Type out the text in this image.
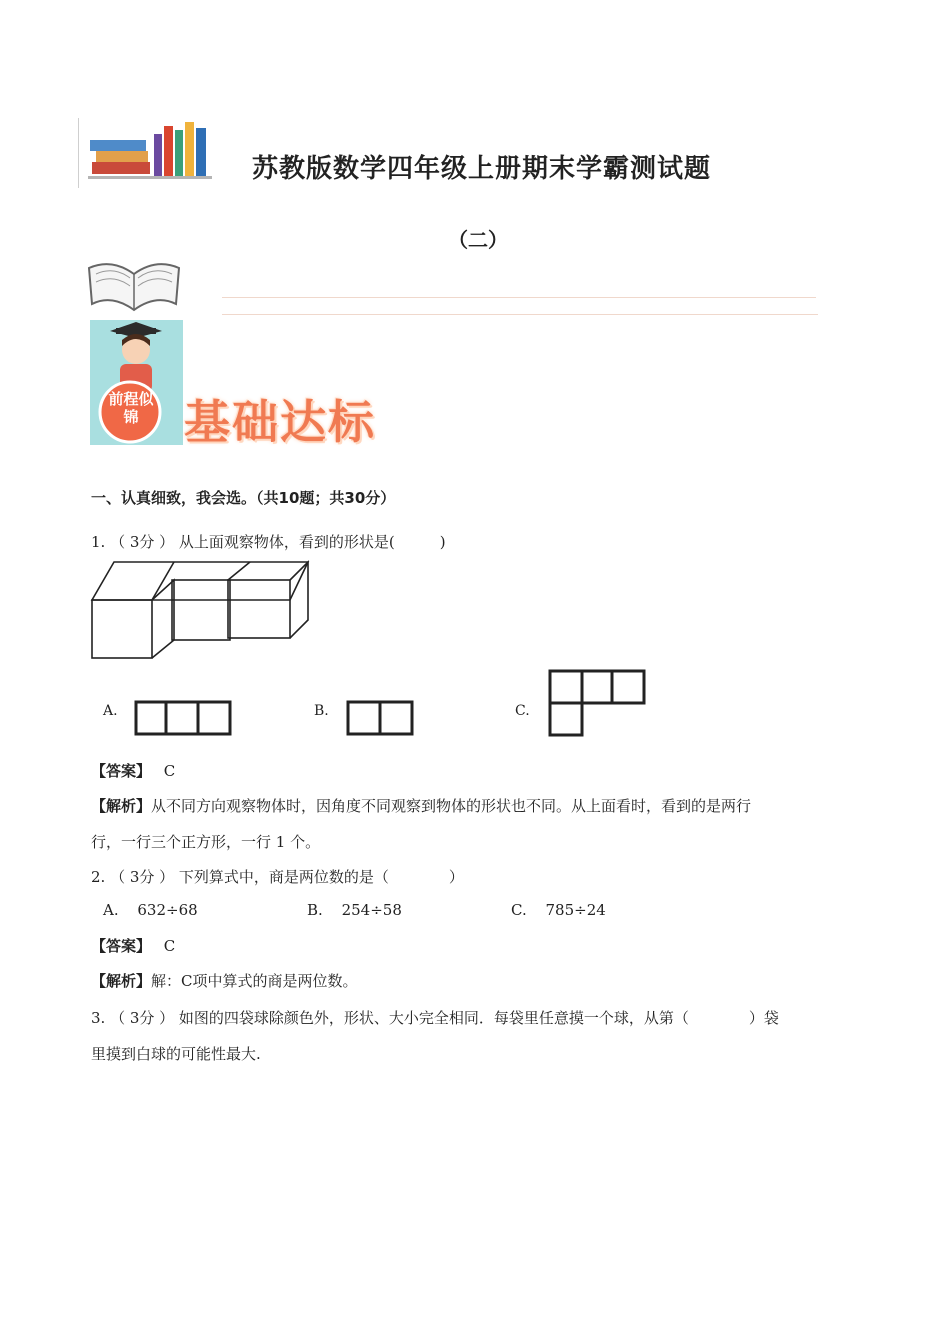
苏教版数学四年级上册期末学霸测试题
（二）
前程似锦 基础达标
一、认真细致，我会选。（共10题；共30分）
1. （ 3分 ） 从上面观察物体，看到的形状是(　　　)
A.	B.	C.
【答案】 C
【解析】从不同方向观察物体时，因角度不同观察到物体的形状也不同。从上面看时，看到的是两行
行，一行三个正方形，一行 1 个。
2. （ 3分 ） 下列算式中，商是两位数的是（　　　　）
A. 632÷68	B. 254÷58	C. 785÷24
【答案】 C
【解析】解：C项中算式的商是两位数。
3. （ 3分 ） 如图的四袋球除颜色外，形状、大小完全相同．每袋里任意摸一个球，从第（　　　　）袋
里摸到白球的可能性最大.
